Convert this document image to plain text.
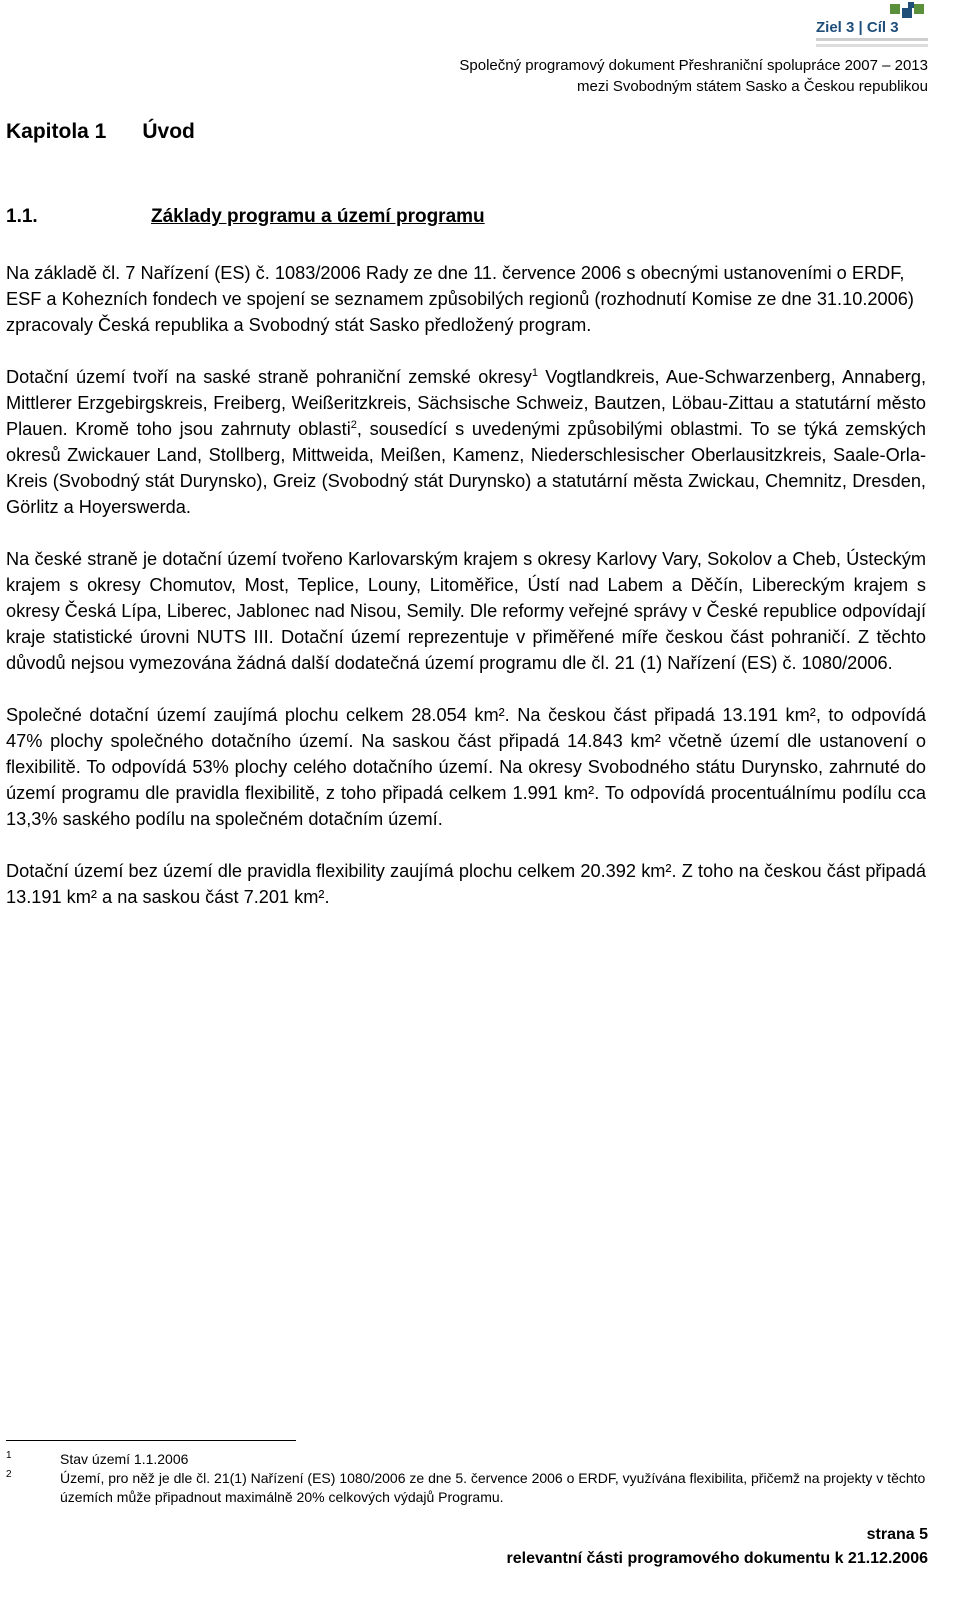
Ziel 3 | Cíl 3
Společný programový dokument Přeshraniční spolupráce 2007 – 2013
mezi Svobodným státem Sasko a Českou republikou
Kapitola 1 Úvod
1.1.	Základy programu a území programu

Na základě čl. 7 Nařízení (ES) č. 1083/2006 Rady ze dne 11. července 2006 s obecnými ustanoveními o ERDF, ESF a Kohezních fondech ve spojení se seznamem způsobilých regionů (rozhodnutí Komise ze dne 31.10.2006) zpracovaly Česká republika a Svobodný stát Sasko předložený program.

Dotační území tvoří na saské straně pohraniční zemské okresy$^1$ Vogtlandkreis, Aue-Schwarzenberg, Annaberg, Mittlerer Erzgebirgskreis, Freiberg, Weißeritzkreis, Sächsische Schweiz, Bautzen, Löbau-Zittau a statutární město Plauen. Kromě toho jsou zahrnuty oblasti$^2$, sousedící s uvedenými způsobilými oblastmi. To se týká zemských okresů Zwickauer Land, Stollberg, Mittweida, Meißen, Kamenz, Niederschlesischer Oberlausitzkreis, Saale-Orla-Kreis (Svobodný stát Durynsko), Greiz (Svobodný stát Durynsko) a statutární města Zwickau, Chemnitz, Dresden, Görlitz a Hoyerswerda.

Na české straně je dotační území tvořeno Karlovarským krajem s okresy Karlovy Vary, Sokolov a Cheb, Ústeckým krajem s okresy Chomutov, Most, Teplice, Louny, Litoměřice, Ústí nad Labem a Děčín, Libereckým krajem s okresy Česká Lípa, Liberec, Jablonec nad Nisou, Semily. Dle reformy veřejné správy v České republice odpovídají kraje statistické úrovni NUTS III. Dotační území reprezentuje v přiměřené míře českou část pohraničí. Z těchto důvodů nejsou vymezována žádná další dodatečná území programu dle čl. 21 (1) Nařízení (ES) č. 1080/2006.

Společné dotační území zaujímá plochu celkem 28.054 km². Na českou část připadá 13.191 km², to odpovídá 47% plochy společného dotačního území. Na saskou část připadá 14.843 km² včetně území dle ustanovení o flexibilitě. To odpovídá 53% plochy celého dotačního území. Na okresy Svobodného státu Durynsko, zahrnuté do území programu dle pravidla flexibilitě, z toho připadá celkem 1.991 km². To odpovídá procentuálnímu podílu cca 13,3% saského podílu na společném dotačním území.

Dotační území bez území dle pravidla flexibility zaujímá plochu celkem 20.392 km². Z toho na českou část připadá 13.191 km² a na saskou část 7.201 km².

1	Stav území 1.1.2006
2	Území, pro něž je dle čl. 21(1) Nařízení (ES) 1080/2006 ze dne 5. července 2006 o ERDF, využívána flexibilita, přičemž na projekty v těchto územích může připadnout maximálně 20% celkových výdajů Programu.
strana 5
relevantní části programového dokumentu k 21.12.2006
